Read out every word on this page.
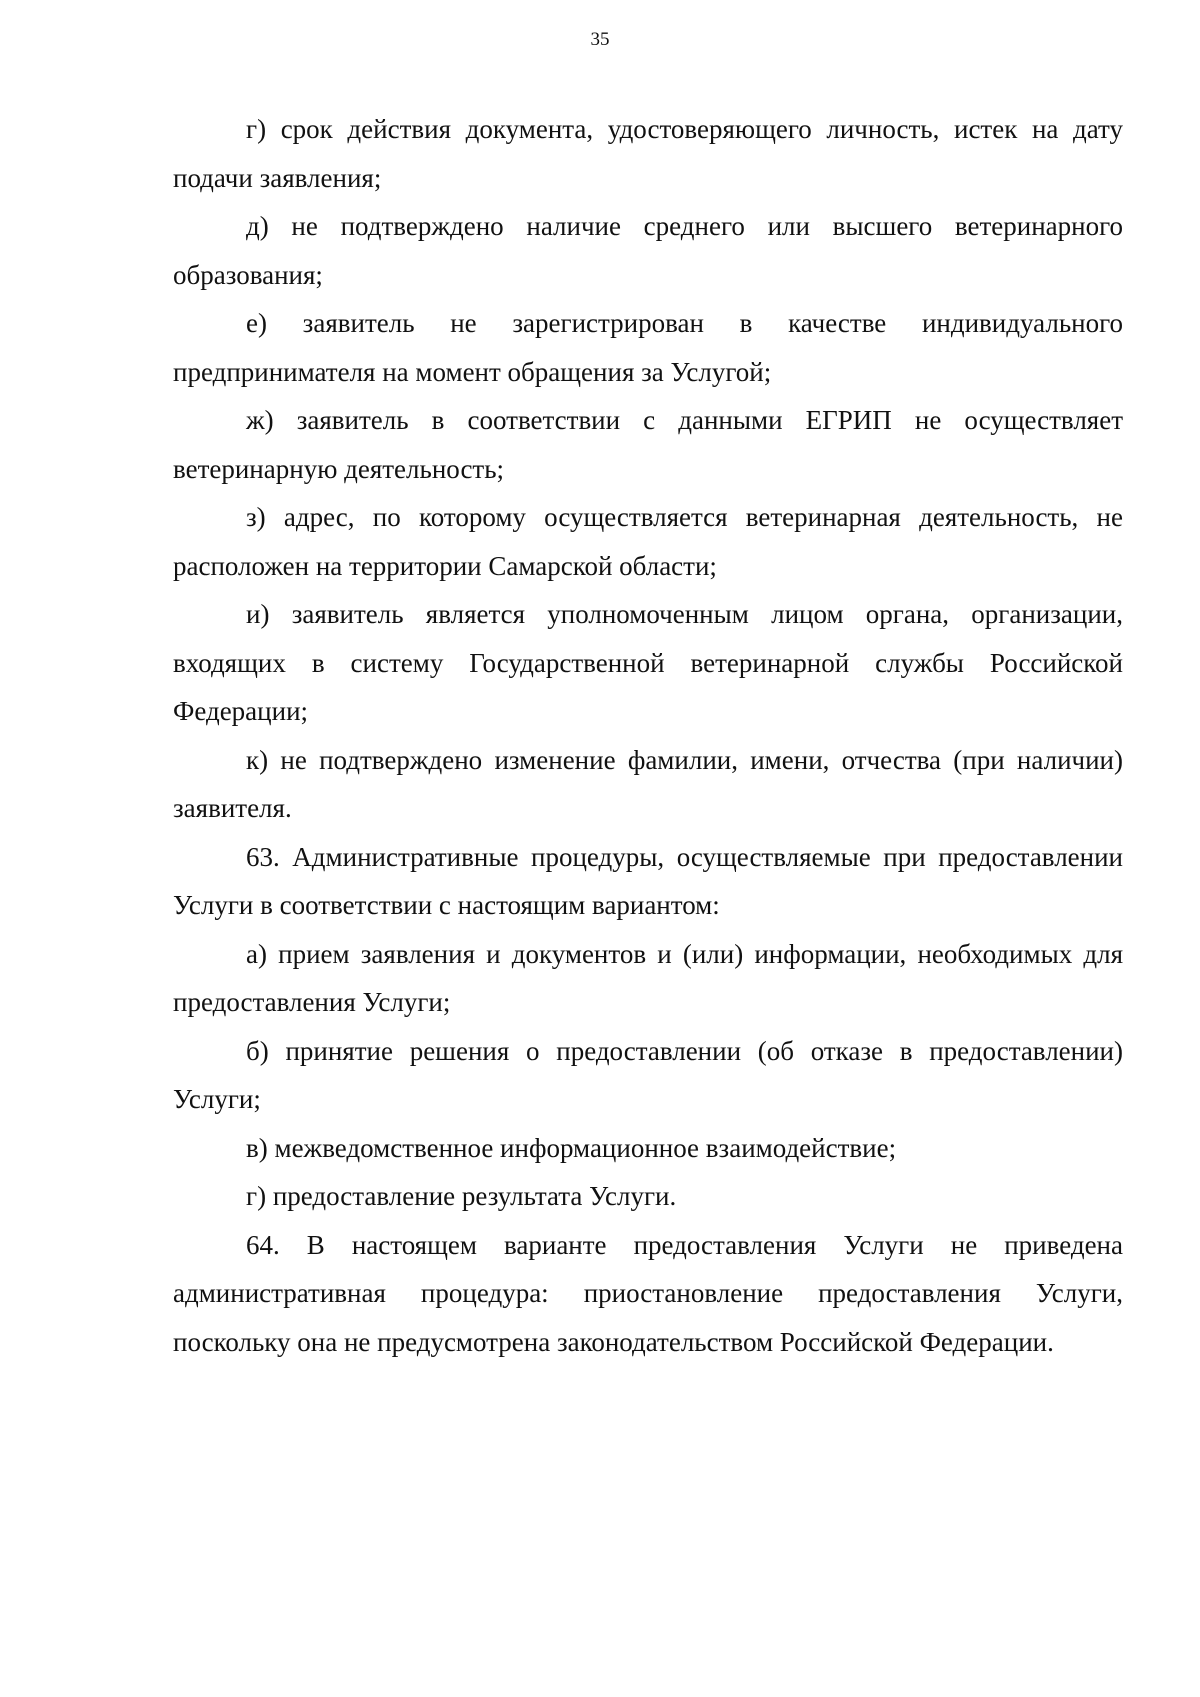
35

г) срок действия документа, удостоверяющего личность, истек на дату подачи заявления;

д) не подтверждено наличие среднего или высшего ветеринарного образования;

е) заявитель не зарегистрирован в качестве индивидуального предпринимателя на момент обращения за Услугой;

ж) заявитель в соответствии с данными ЕГРИП не осуществляет ветеринарную деятельность;

з) адрес, по которому осуществляется ветеринарная деятельность, не расположен на территории Самарской области;

и) заявитель является уполномоченным лицом органа, организации, входящих в систему Государственной ветеринарной службы Российской Федерации;

к) не подтверждено изменение фамилии, имени, отчества (при наличии) заявителя.

63. Административные процедуры, осуществляемые при предоставлении Услуги в соответствии с настоящим вариантом:

а) прием заявления и документов и (или) информации, необходимых для предоставления Услуги;

б) принятие решения о предоставлении (об отказе в предоставлении) Услуги;

в) межведомственное информационное взаимодействие;

г) предоставление результата Услуги.

64. В настоящем варианте предоставления Услуги не приведена административная процедура: приостановление предоставления Услуги, поскольку она не предусмотрена законодательством Российской Федерации.
